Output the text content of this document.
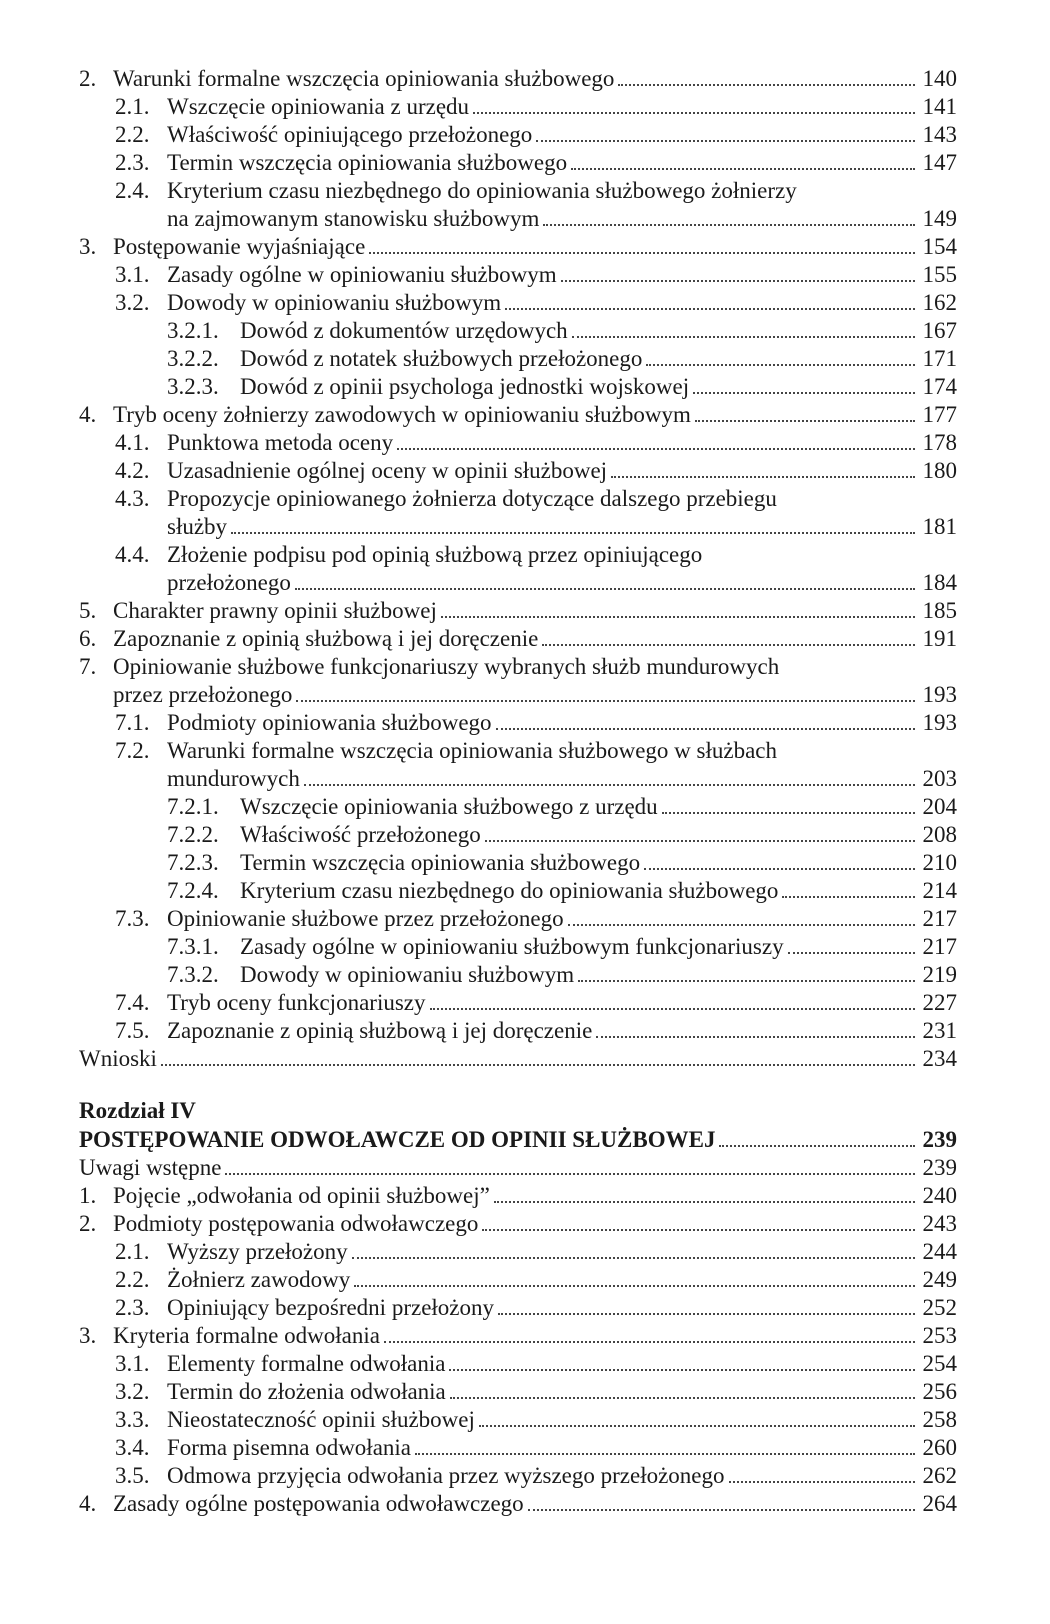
2. Warunki formalne wszczęcia opiniowania służbowego	140
2.1. Wszczęcie opiniowania z urzędu	141
2.2. Właściwość opiniującego przełożonego	143
2.3. Termin wszczęcia opiniowania służbowego	147
2.4. Kryterium czasu niezbędnego do opiniowania służbowego żołnierzy
na zajmowanym stanowisku służbowym	149
3. Postępowanie wyjaśniające	154
3.1. Zasady ogólne w opiniowaniu służbowym	155
3.2. Dowody w opiniowaniu służbowym	162
3.2.1. Dowód z dokumentów urzędowych	167
3.2.2. Dowód z notatek służbowych przełożonego	171
3.2.3. Dowód z opinii psychologa jednostki wojskowej	174
4. Tryb oceny żołnierzy zawodowych w opiniowaniu służbowym	177
4.1. Punktowa metoda oceny	178
4.2. Uzasadnienie ogólnej oceny w opinii służbowej	180
4.3. Propozycje opiniowanego żołnierza dotyczące dalszego przebiegu
służby	181
4.4. Złożenie podpisu pod opinią służbową przez opiniującego
przełożonego	184
5. Charakter prawny opinii służbowej	185
6. Zapoznanie z opinią służbową i jej doręczenie	191
7. Opiniowanie służbowe funkcjonariuszy wybranych służb mundurowych
przez przełożonego	193
7.1. Podmioty opiniowania służbowego	193
7.2. Warunki formalne wszczęcia opiniowania służbowego w służbach
mundurowych	203
7.2.1. Wszczęcie opiniowania służbowego z urzędu	204
7.2.2. Właściwość przełożonego	208
7.2.3. Termin wszczęcia opiniowania służbowego	210
7.2.4. Kryterium czasu niezbędnego do opiniowania służbowego	214
7.3. Opiniowanie służbowe przez przełożonego	217
7.3.1. Zasady ogólne w opiniowaniu służbowym funkcjonariuszy	217
7.3.2. Dowody w opiniowaniu służbowym	219
7.4. Tryb oceny funkcjonariuszy	227
7.5. Zapoznanie z opinią służbową i jej doręczenie	231
Wnioski	234
Rozdział IV
POSTĘPOWANIE ODWOŁAWCZE OD OPINII SŁUŻBOWEJ	239
Uwagi wstępne	239
1. Pojęcie „odwołania od opinii służbowej”	240
2. Podmioty postępowania odwoławczego	243
2.1. Wyższy przełożony	244
2.2. Żołnierz zawodowy	249
2.3. Opiniujący bezpośredni przełożony	252
3. Kryteria formalne odwołania	253
3.1. Elementy formalne odwołania	254
3.2. Termin do złożenia odwołania	256
3.3. Nieostateczność opinii służbowej	258
3.4. Forma pisemna odwołania	260
3.5. Odmowa przyjęcia odwołania przez wyższego przełożonego	262
4. Zasady ogólne postępowania odwoławczego	264
